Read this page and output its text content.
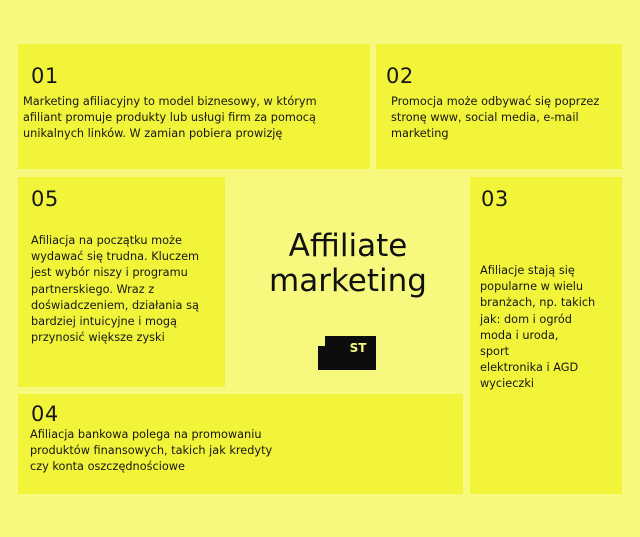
01
Marketing afiliacyjny to model biznesowy, w którym
afiliant promuje produkty lub usługi firm za pomocą
unikalnych linków. W zamian pobiera prowizję
02
Promocja może odbywać się poprzez
stronę www, social media, e-mail
marketing
05
Afiliacja na początku może
wydawać się trudna. Kluczem
jest wybór niszy i programu
partnerskiego. Wraz z
doświadczeniem, działania są
bardziej intuicyjne i mogą
przynosić większe zyski
Affiliate marketing
ST
03
Afiliacje stają się
popularne w wielu
branżach, np. takich
jak: dom i ogród
moda i uroda,
sport
elektronika i AGD
wycieczki
04
Afiliacja bankowa polega na promowaniu
produktów finansowych, takich jak kredyty
czy konta oszczędnościowe
